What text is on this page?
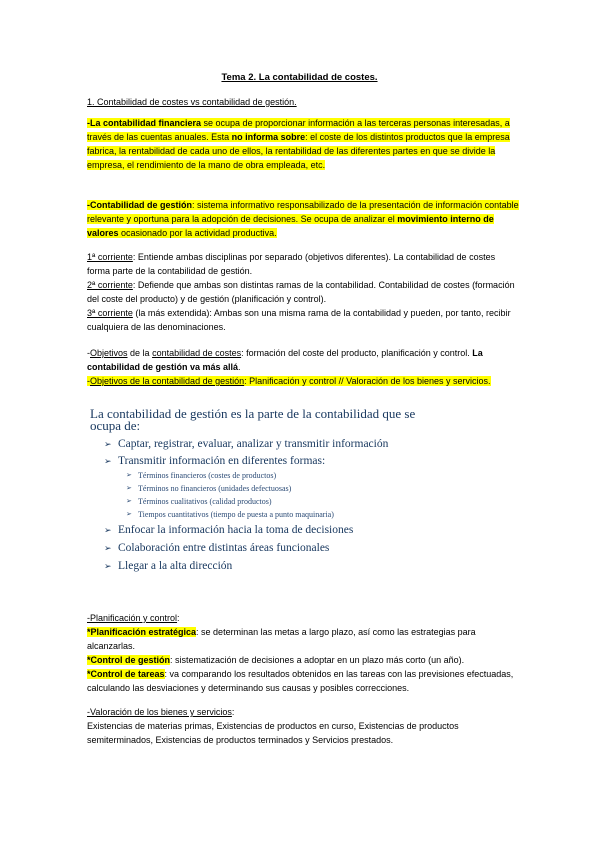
Tema 2. La contabilidad de costes.

1. Contabilidad de costes vs contabilidad de gestión.

-La contabilidad financiera se ocupa de proporcionar información a las terceras personas interesadas, a través de las cuentas anuales. Esta no informa sobre: el coste de los distintos productos que la empresa fabrica, la rentabilidad de cada uno de ellos, la rentabilidad de las diferentes partes en que se divide la empresa, el rendimiento de la mano de obra empleada, etc.

-Contabilidad de gestión: sistema informativo responsabilizado de la presentación de información contable relevante y oportuna para la adopción de decisiones. Se ocupa de analizar el movimiento interno de valores ocasionado por la actividad productiva.

1ª corriente: Entiende ambas disciplinas por separado (objetivos diferentes). La contabilidad de costes forma parte de la contabilidad de gestión.
2ª corriente: Defiende que ambas son distintas ramas de la contabilidad. Contabilidad de costes (formación del coste del producto) y de gestión (planificación y control).
3ª corriente (la más extendida): Ambas son una misma rama de la contabilidad y pueden, por tanto, recibir cualquiera de las denominaciones.
-Objetivos de la contabilidad de costes: formación del coste del producto, planificación y control. La contabilidad de gestión va más allá.
-Objetivos de la contabilidad de gestión: Planificación y control // Valoración de los bienes y servicios.
La contabilidad de gestión es la parte de la contabilidad que se ocupa de:
➢ Captar, registrar, evaluar, analizar y transmitir información
➢ Transmitir información en diferentes formas:
➢ Términos financieros (costes de productos)
➢ Términos no financieros (unidades defectuosas)
➢ Términos cualitativos (calidad productos)
➢ Tiempos cuantitativos (tiempo de puesta a punto maquinaria)
➢ Enfocar la información hacia la toma de decisiones
➢ Colaboración entre distintas áreas funcionales
➢ Llegar a la alta dirección
-Planificación y control:
*Planificación estratégica: se determinan las metas a largo plazo, así como las estrategias para alcanzarlas.
*Control de gestión: sistematización de decisiones a adoptar en un plazo más corto (un año).
*Control de tareas: va comparando los resultados obtenidos en las tareas con las previsiones efectuadas, calculando las desviaciones y determinando sus causas y posibles correcciones.
-Valoración de los bienes y servicios:
Existencias de materias primas, Existencias de productos en curso, Existencias de productos semiterminados, Existencias de productos terminados y Servicios prestados.
